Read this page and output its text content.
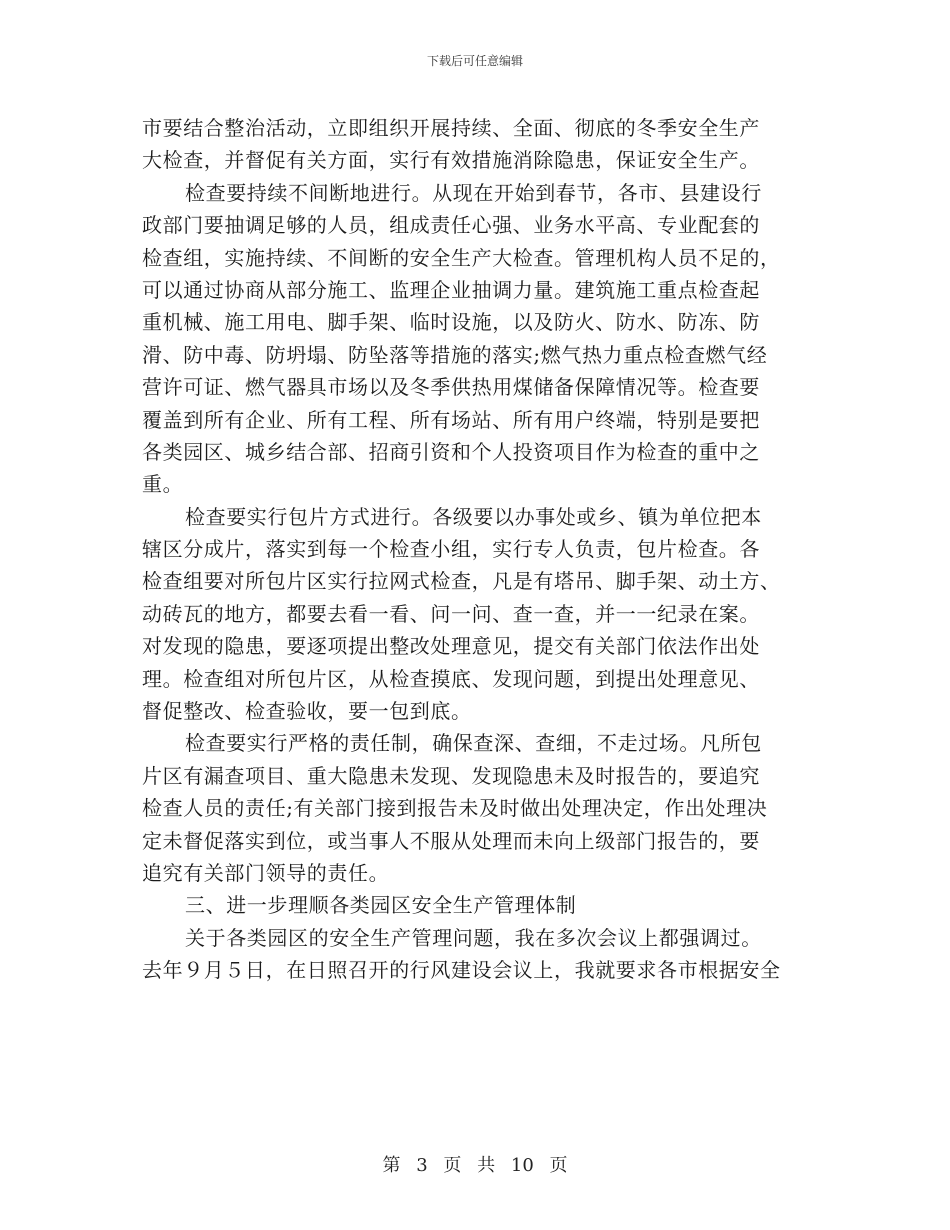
下载后可任意编辑
市要结合整治活动，立即组织开展持续、全面、彻底的冬季安全生产
大检查，并督促有关方面，实行有效措施消除隐患，保证安全生产。
检查要持续不间断地进行。从现在开始到春节，各市、县建设行
政部门要抽调足够的人员，组成责任心强、业务水平高、专业配套的
检查组，实施持续、不间断的安全生产大检查。管理机构人员不足的，
可以通过协商从部分施工、监理企业抽调力量。建筑施工重点检查起
重机械、施工用电、脚手架、临时设施，以及防火、防水、防冻、防
滑、防中毒、防坍塌、防坠落等措施的落实;燃气热力重点检查燃气经
营许可证、燃气器具市场以及冬季供热用煤储备保障情况等。检查要
覆盖到所有企业、所有工程、所有场站、所有用户终端，特别是要把
各类园区、城乡结合部、招商引资和个人投资项目作为检查的重中之
重。
检查要实行包片方式进行。各级要以办事处或乡、镇为单位把本
辖区分成片，落实到每一个检查小组，实行专人负责，包片检查。各
检查组要对所包片区实行拉网式检查，凡是有塔吊、脚手架、动土方、
动砖瓦的地方，都要去看一看、问一问、查一查，并一一纪录在案。
对发现的隐患，要逐项提出整改处理意见，提交有关部门依法作出处
理。检查组对所包片区，从检查摸底、发现问题，到提出处理意见、
督促整改、检查验收，要一包到底。
检查要实行严格的责任制，确保查深、查细，不走过场。凡所包
片区有漏查项目、重大隐患未发现、发现隐患未及时报告的，要追究
检查人员的责任;有关部门接到报告未及时做出处理决定，作出处理决
定未督促落实到位，或当事人不服从处理而未向上级部门报告的，要
追究有关部门领导的责任。
三、进一步理顺各类园区安全生产管理体制
关于各类园区的安全生产管理问题，我在多次会议上都强调过。
去年９月５日，在日照召开的行风建设会议上，我就要求各市根据安全
第 3 页 共 10 页
